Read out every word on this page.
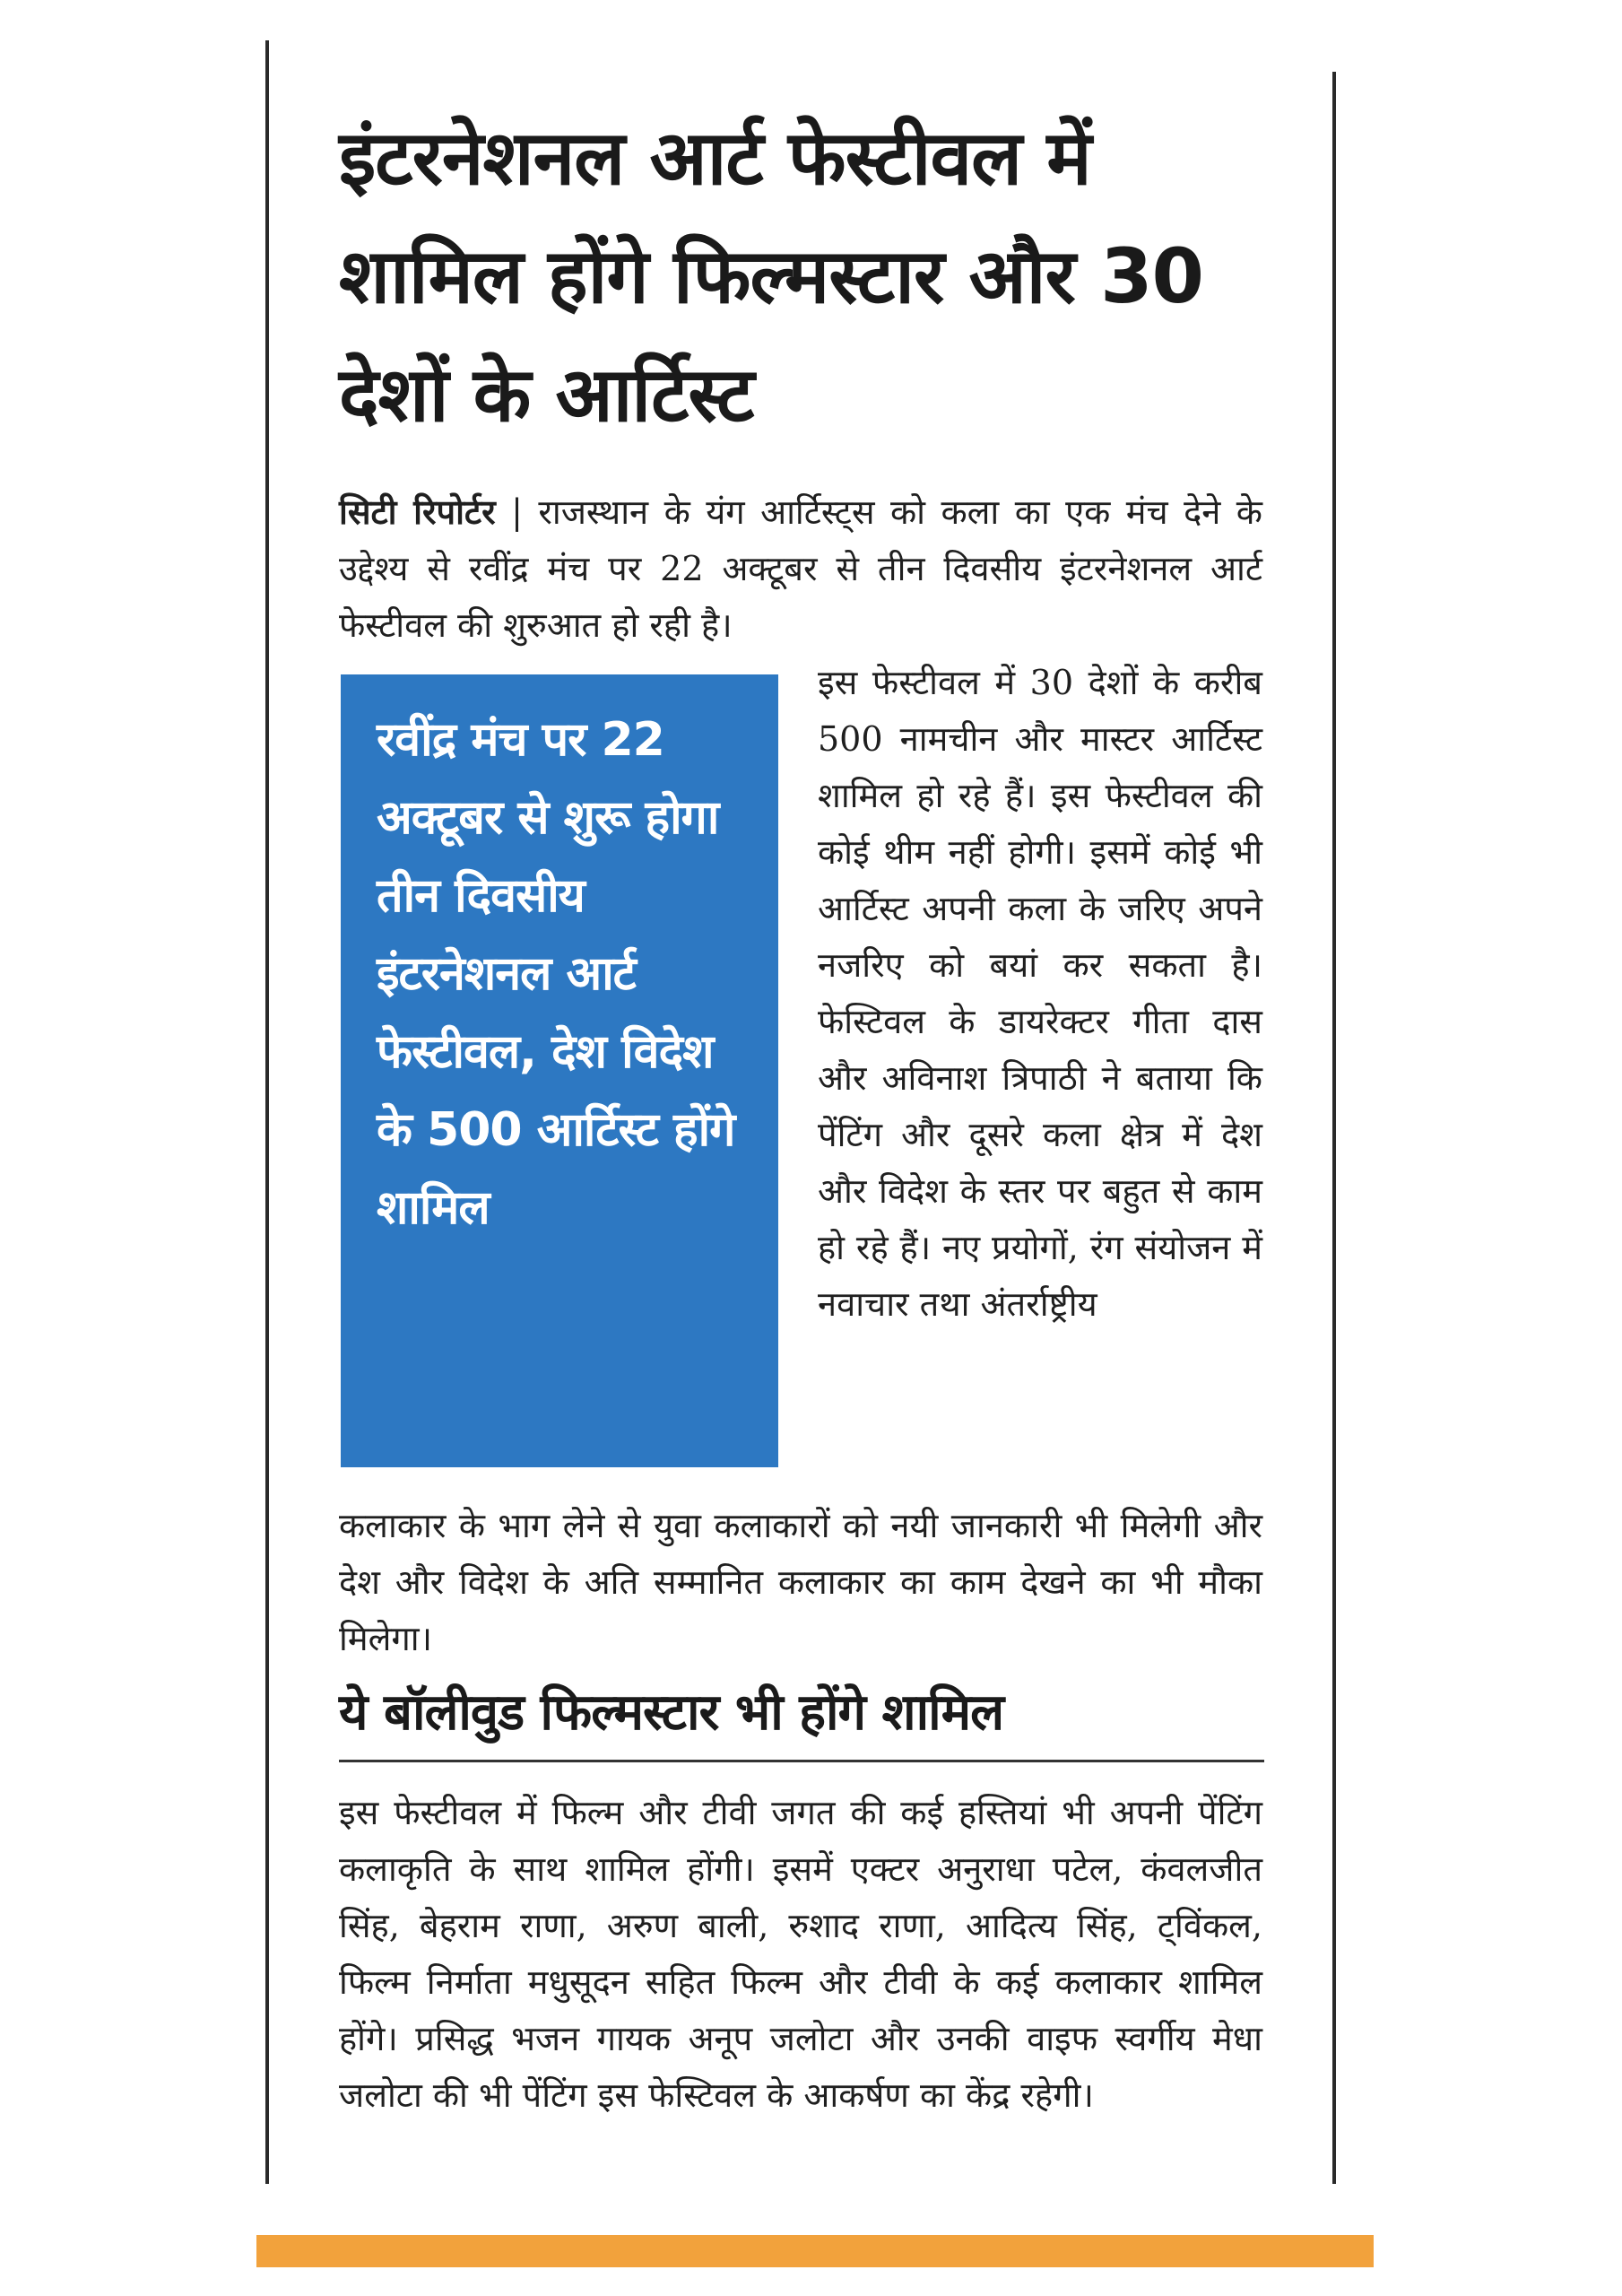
इंटरनेशनल आर्ट फेस्टीवल में शामिल होंगे फिल्मस्टार और 30 देशों के आर्टिस्ट

सिटी रिपोर्टर | राजस्थान के यंग आर्टिस्ट्स को कला का एक मंच देने के उद्देश्य से रवींद्र मंच पर 22 अक्टूबर से तीन दिवसीय इंटरनेशनल आर्ट फेस्टीवल की शुरुआत हो रही है।

रवींद्र मंच पर 22 अक्टूबर से शुरू होगा तीन दिवसीय इंटरनेशनल आर्ट फेस्टीवल, देश विदेश के 500 आर्टिस्ट होंगे शामिल

इस फेस्टीवल में 30 देशों के करीब 500 नामचीन और मास्टर आर्टिस्ट शामिल हो रहे हैं। इस फेस्टीवल की कोई थीम नहीं होगी। इसमें कोई भी आर्टिस्ट अपनी कला के जरिए अपने नजरिए को बयां कर सकता है। फेस्टिवल के डायरेक्टर गीता दास और अविनाश त्रिपाठी ने बताया कि पेंटिंग और दूसरे कला क्षेत्र में देश और विदेश के स्तर पर बहुत से काम हो रहे हैं। नए प्रयोगों, रंग संयोजन में नवाचार तथा अंतर्राष्ट्रीय

कलाकार के भाग लेने से युवा कलाकारों को नयी जानकारी भी मिलेगी और देश और विदेश के अति सम्मानित कलाकार का काम देखने का भी मौका मिलेगा।

ये बॉलीवुड फिल्मस्टार भी होंगे शामिल

इस फेस्टीवल में फिल्म और टीवी जगत की कई हस्तियां भी अपनी पेंटिंग कलाकृति के साथ शामिल होंगी। इसमें एक्टर अनुराधा पटेल, कंवलजीत सिंह, बेहराम राणा, अरुण बाली, रुशाद राणा, आदित्य सिंह, ट्विंकल, फिल्म निर्माता मधुसूदन सहित फिल्म और टीवी के कई कलाकार शामिल होंगे। प्रसिद्ध भजन गायक अनूप जलोटा और उनकी वाइफ स्वर्गीय मेधा जलोटा की भी पेंटिंग इस फेस्टिवल के आकर्षण का केंद्र रहेगी।
